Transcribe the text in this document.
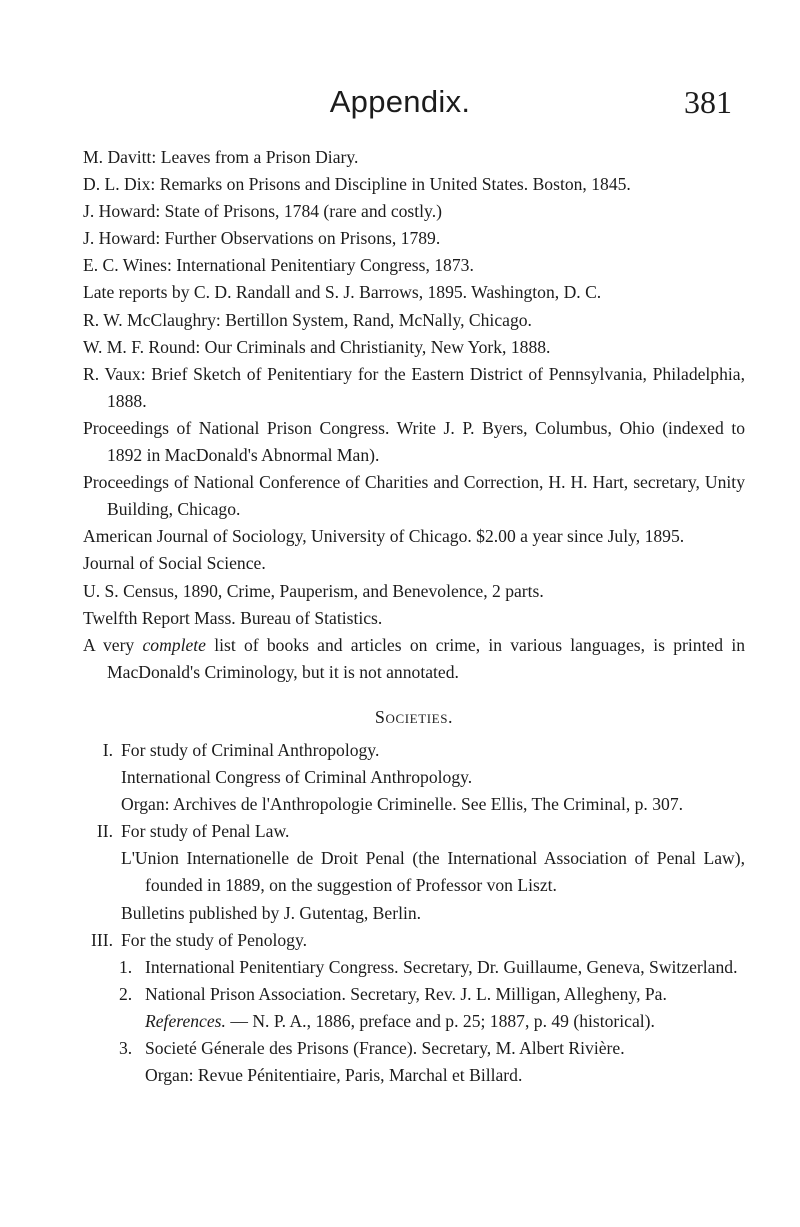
Appendix.	381
M. Davitt: Leaves from a Prison Diary.
D. L. Dix: Remarks on Prisons and Discipline in United States. Boston, 1845.
J. Howard: State of Prisons, 1784 (rare and costly.)
J. Howard: Further Observations on Prisons, 1789.
E. C. Wines: International Penitentiary Congress, 1873.
Late reports by C. D. Randall and S. J. Barrows, 1895. Washington, D. C.
R. W. McClaughry: Bertillon System, Rand, McNally, Chicago.
W. M. F. Round: Our Criminals and Christianity, New York, 1888.
R. Vaux: Brief Sketch of Penitentiary for the Eastern District of Pennsylvania, Philadelphia, 1888.
Proceedings of National Prison Congress. Write J. P. Byers, Columbus, Ohio (indexed to 1892 in MacDonald's Abnormal Man).
Proceedings of National Conference of Charities and Correction, H. H. Hart, secretary, Unity Building, Chicago.
American Journal of Sociology, University of Chicago. $2.00 a year since July, 1895.
Journal of Social Science.
U. S. Census, 1890, Crime, Pauperism, and Benevolence, 2 parts.
Twelfth Report Mass. Bureau of Statistics.
A very complete list of books and articles on crime, in various languages, is printed in MacDonald's Criminology, but it is not annotated.
Societies.
I. For study of Criminal Anthropology.
International Congress of Criminal Anthropology.
Organ: Archives de l'Anthropologie Criminelle. See Ellis, The Criminal, p. 307.
II. For study of Penal Law.
L'Union Internationelle de Droit Penal (the International Association of Penal Law), founded in 1889, on the suggestion of Professor von Liszt.
Bulletins published by J. Gutentag, Berlin.
III. For the study of Penology.
1. International Penitentiary Congress. Secretary, Dr. Guillaume, Geneva, Switzerland.
2. National Prison Association. Secretary, Rev. J. L. Milligan, Allegheny, Pa.
References. — N. P. A., 1886, preface and p. 25; 1887, p. 49 (historical).
3. Societé Génerale des Prisons (France). Secretary, M. Albert Rivière.
Organ: Revue Pénitentiaire, Paris, Marchal et Billard.
